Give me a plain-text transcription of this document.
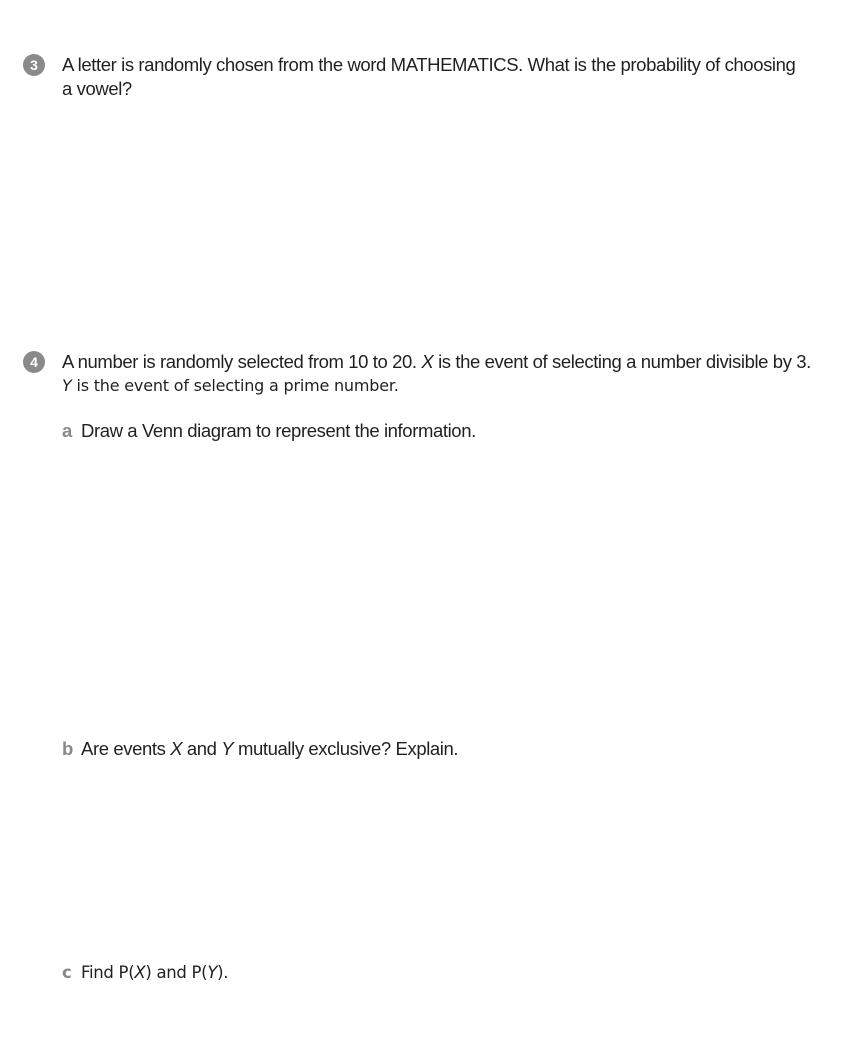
3	A letter is randomly chosen from the word MATHEMATICS. What is the probability of choosing
a vowel?
4	A number is randomly selected from 10 to 20. X is the event of selecting a number divisible by 3.
Y is the event of selecting a prime number.
a Draw a Venn diagram to represent the information.
b Are events X and Y mutually exclusive? Explain.
c Find P(X) and P(Y).
